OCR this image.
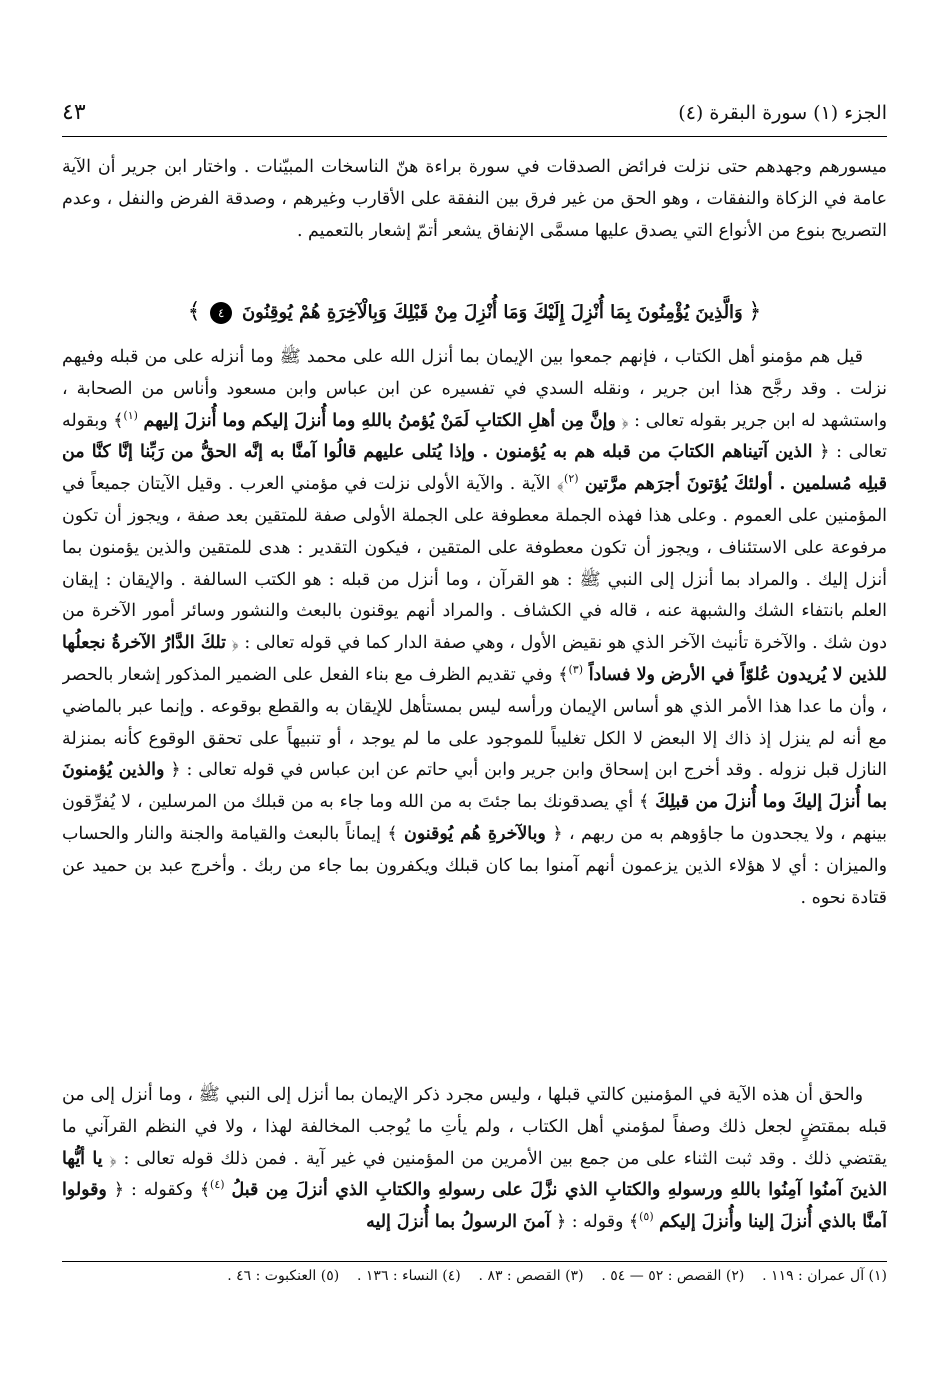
الجزء (١) سورة البقرة (٤)
٤٣

ميسورهم وجهدهم حتى نزلت فرائض الصدقات في سورة براءة هنّ الناسخات المبيّنات . واختار ابن جرير أن الآية عامة في الزكاة والنفقات ، وهو الحق من غير فرق بين النفقة على الأقارب وغيرهم ، وصدقة الفرض والنفل ، وعدم التصريح بنوع من الأنواع التي يصدق عليها مسمَّى الإنفاق يشعر أتمّ إشعار بالتعميم .

﴿ وَالَّذِينَ يُؤْمِنُونَ بِمَا أُنْزِلَ إِلَيْكَ وَمَا أُنْزِلَ مِنْ قَبْلِكَ وَبِالْآخِرَةِ هُمْ يُوقِنُونَ ٤ ﴾

قيل هم مؤمنو أهل الكتاب ، فإنهم جمعوا بين الإيمان بما أنزل الله على محمد ﷺ وما أنزله على من قبله وفيهم نزلت . وقد رجَّح هذا ابن جرير ، ونقله السدي في تفسيره عن ابن عباس وابن مسعود وأناس من الصحابة ، واستشهد له ابن جرير بقوله تعالى : ﴿ وإنَّ مِن أهلِ الكتابِ لَمَنْ يُؤمنُ باللهِ وما أُنزلَ إليكم وما أُنزلَ إليهم $^{(١)}$﴾ وبقوله تعالى : ﴿ الذين آتيناهم الكتابَ من قبله هم به يُؤمنون . وإذا يُتلى عليهم قالُوا آمنَّا به إنَّه الحقُّ من رَبِّنا إنَّا كنَّا من قبلِه مُسلمين . أولئكَ يُؤتونَ أجرَهم مرَّتين $^{(٢)}$﴾ الآية . والآية الأولى نزلت في مؤمني العرب . وقيل الآيتان جميعاً في المؤمنين على العموم . وعلى هذا فهذه الجملة معطوفة على الجملة الأولى صفة للمتقين بعد صفة ، ويجوز أن تكون مرفوعة على الاستئناف ، ويجوز أن تكون معطوفة على المتقين ، فيكون التقدير : هدى للمتقين والذين يؤمنون بما أنزل إليك . والمراد بما أنزل إلى النبي ﷺ : هو القرآن ، وما أنزل من قبله : هو الكتب السالفة . والإيقان : إيقان العلم بانتفاء الشك والشبهة عنه ، قاله في الكشاف . والمراد أنهم يوقنون بالبعث والنشور وسائر أمور الآخرة من دون شك . والآخرة تأنيث الآخر الذي هو نقيض الأول ، وهي صفة الدار كما في قوله تعالى : ﴿ تلكَ الدَّارُ الآخرةُ نجعلُها للذين لا يُريدون عُلوّاً في الأرض ولا فساداً $^{(٣)}$﴾ وفي تقديم الظرف مع بناء الفعل على الضمير المذكور إشعار بالحصر ، وأن ما عدا هذا الأمر الذي هو أساس الإيمان ورأسه ليس بمستأهل للإيقان به والقطع بوقوعه . وإنما عبر بالماضي مع أنه لم ينزل إذ ذاك إلا البعض لا الكل تغليباً للموجود على ما لم يوجد ، أو تنبيهاً على تحقق الوقوع كأنه بمنزلة النازل قبل نزوله . وقد أخرج ابن إسحاق وابن جرير وابن أبي حاتم عن ابن عباس في قوله تعالى : ﴿ والذين يُؤمنونَ بما أُنزلَ إليكَ وما أُنزلَ من قبلِكَ ﴾ أي يصدقونك بما جئتَ به من الله وما جاء به من قبلك من المرسلين ، لا يُفرِّقون بينهم ، ولا يجحدون ما جاؤوهم به من ربهم ، ﴿ وبالآخرةِ هُم يُوقنون ﴾ إيماناً بالبعث والقيامة والجنة والنار والحساب والميزان : أي لا هؤلاء الذين يزعمون أنهم آمنوا بما كان قبلك ويكفرون بما جاء من ربك . وأخرج عبد بن حميد عن قتادة نحوه .

والحق أن هذه الآية في المؤمنين كالتي قبلها ، وليس مجرد ذكر الإيمان بما أنزل إلى النبي ﷺ ، وما أنزل إلى من قبله بمقتضٍ لجعل ذلك وصفاً لمؤمني أهل الكتاب ، ولم يأتِ ما يُوجب المخالفة لهذا ، ولا في النظم القرآني ما يقتضي ذلك . وقد ثبت الثناء على من جمع بين الأمرين من المؤمنين في غير آية . فمن ذلك قوله تعالى : ﴿ يا أيُّها الذينَ آمنُوا آمِنُوا باللهِ ورسولهِ والكتابِ الذي نزَّلَ على رسولهِ والكتابِ الذي أنزلَ مِن قبلُ $^{(٤)}$﴾ وكقوله : ﴿ وقولوا آمنَّا بالذي أُنزلَ إلينا وأُنزلَ إليكم $^{(٥)}$﴾ وقوله : ﴿ آمنَ الرسولُ بما أُنزلَ إليه

(١) آل عمران : ١١٩ .    (٢) القصص : ٥٢ — ٥٤ .    (٣) القصص : ٨٣ .    (٤) النساء : ١٣٦ .    (٥) العنكبوت : ٤٦ .
